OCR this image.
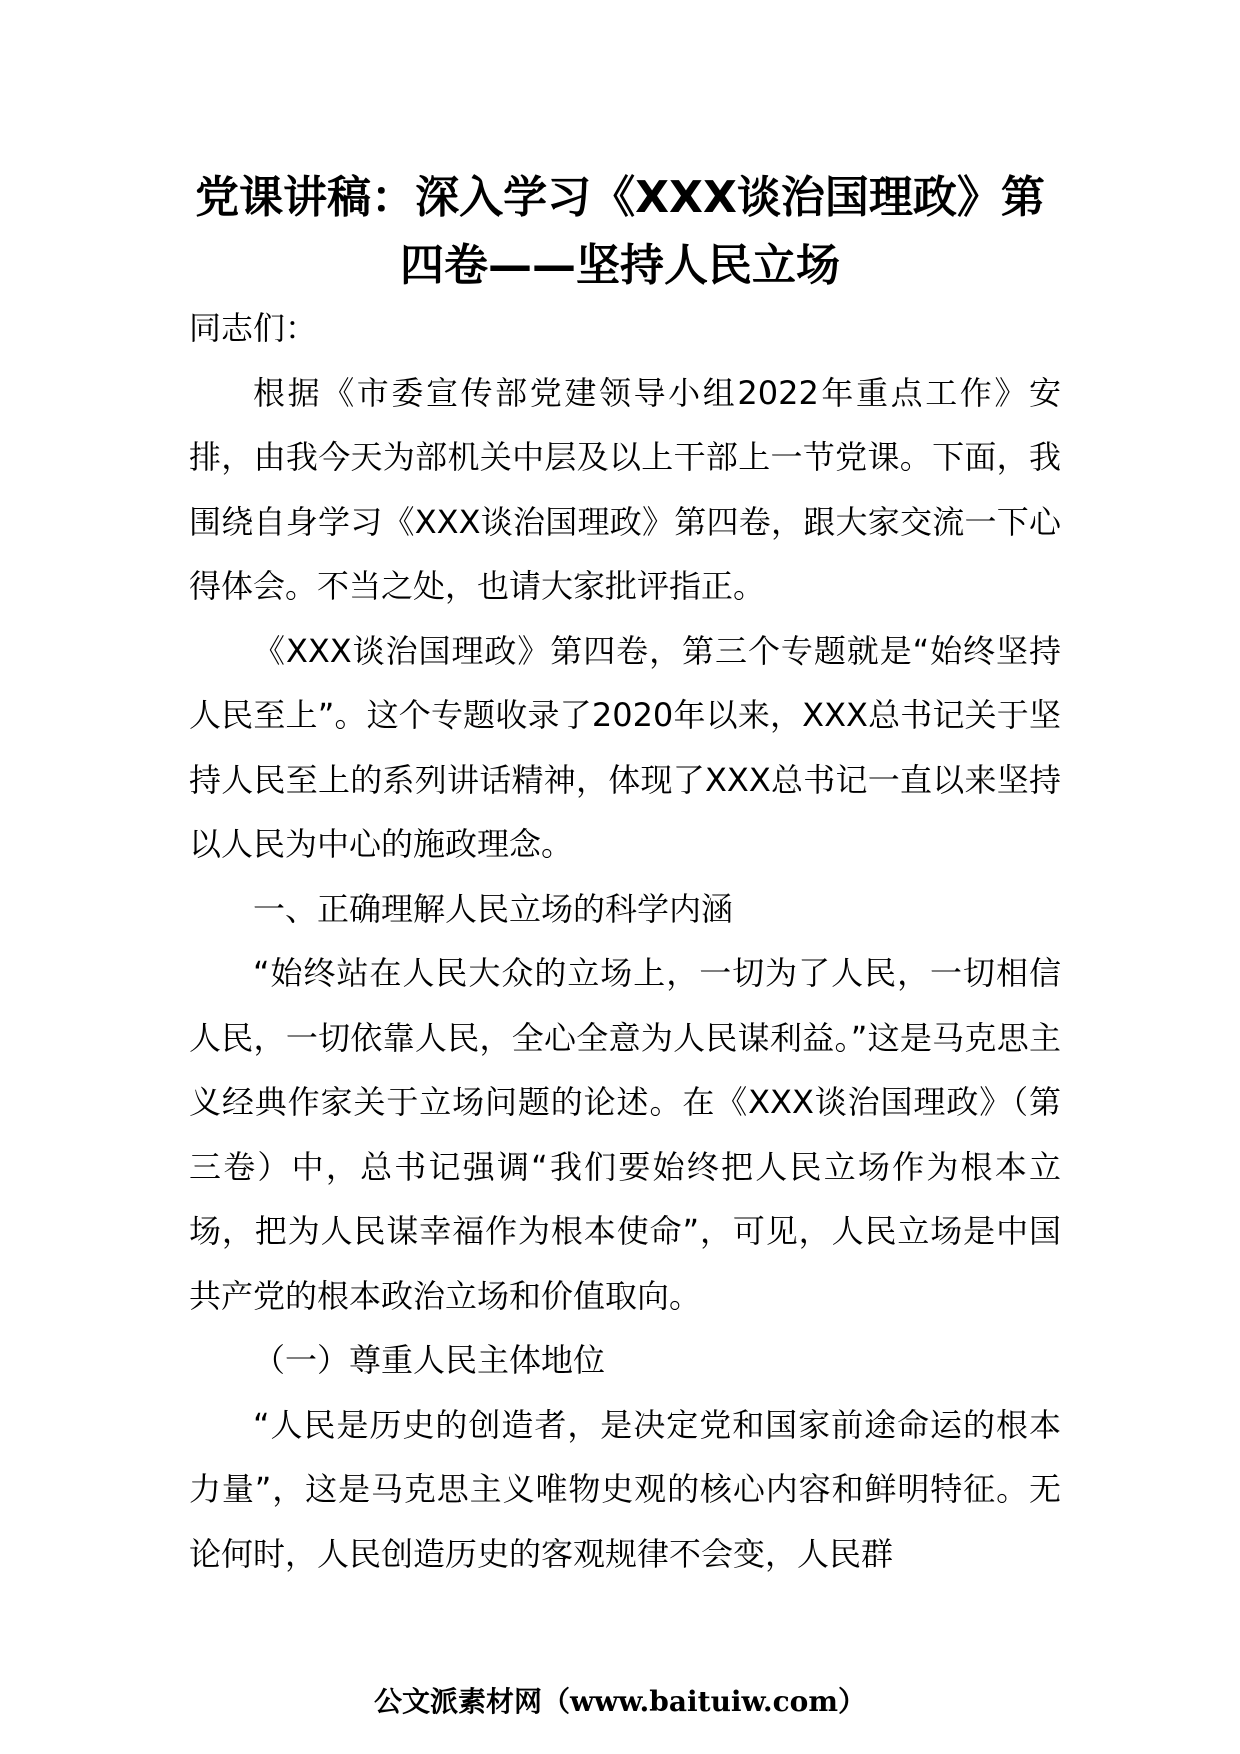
党课讲稿：深入学习《XXX谈治国理政》第
四卷——坚持人民立场

同志们：

根据《市委宣传部党建领导小组2022年重点工作》安排，由我今天为部机关中层及以上干部上一节党课。下面，我围绕自身学习《XXX谈治国理政》第四卷，跟大家交流一下心得体会。不当之处，也请大家批评指正。

《XXX谈治国理政》第四卷，第三个专题就是“始终坚持人民至上”。这个专题收录了2020年以来，XXX总书记关于坚持人民至上的系列讲话精神，体现了XXX总书记一直以来坚持以人民为中心的施政理念。

一、正确理解人民立场的科学内涵

“始终站在人民大众的立场上，一切为了人民，一切相信人民，一切依靠人民，全心全意为人民谋利益。”这是马克思主义经典作家关于立场问题的论述。在《XXX谈治国理政》（第三卷）中，总书记强调“我们要始终把人民立场作为根本立场，把为人民谋幸福作为根本使命”，可见，人民立场是中国共产党的根本政治立场和价值取向。

（一）尊重人民主体地位

“人民是历史的创造者，是决定党和国家前途命运的根本力量”，这是马克思主义唯物史观的核心内容和鲜明特征。无论何时，人民创造历史的客观规律不会变，人民群

公文派素材网（www.baituiw.com）
